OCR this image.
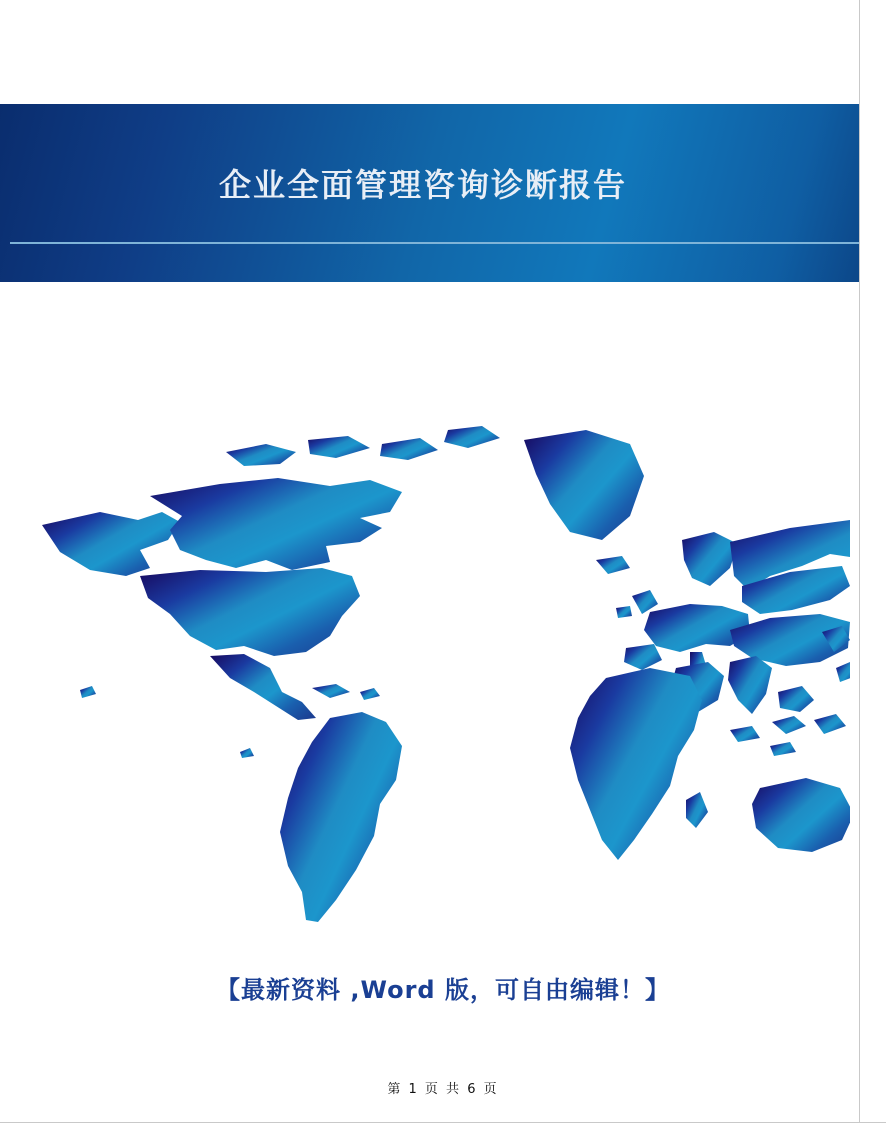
企业全面管理咨询诊断报告
【最新资料 ,Word 版，可自由编辑！】
第 1 页 共 6 页
